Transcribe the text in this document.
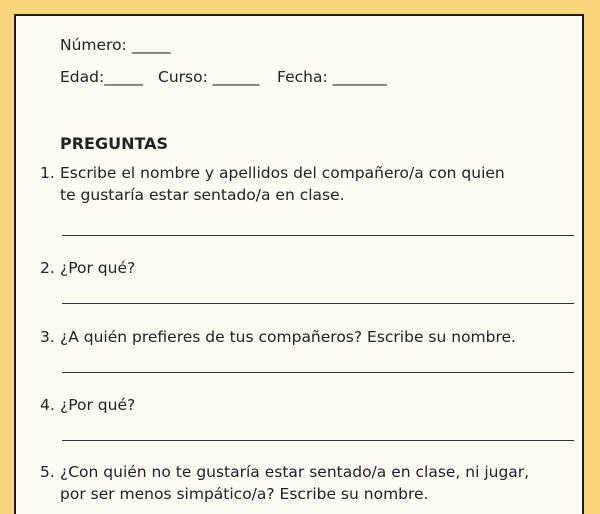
Número: _____
Edad:_____ Curso: ______ Fecha: _______
PREGUNTAS
1. Escribe el nombre y apellidos del compañero/a con quien
te gustaría estar sentado/a en clase.
2. ¿Por qué?
3. ¿A quién prefieres de tus compañeros? Escribe su nombre.
4. ¿Por qué?
5. ¿Con quién no te gustaría estar sentado/a en clase, ni jugar,
por ser menos simpático/a? Escribe su nombre.
